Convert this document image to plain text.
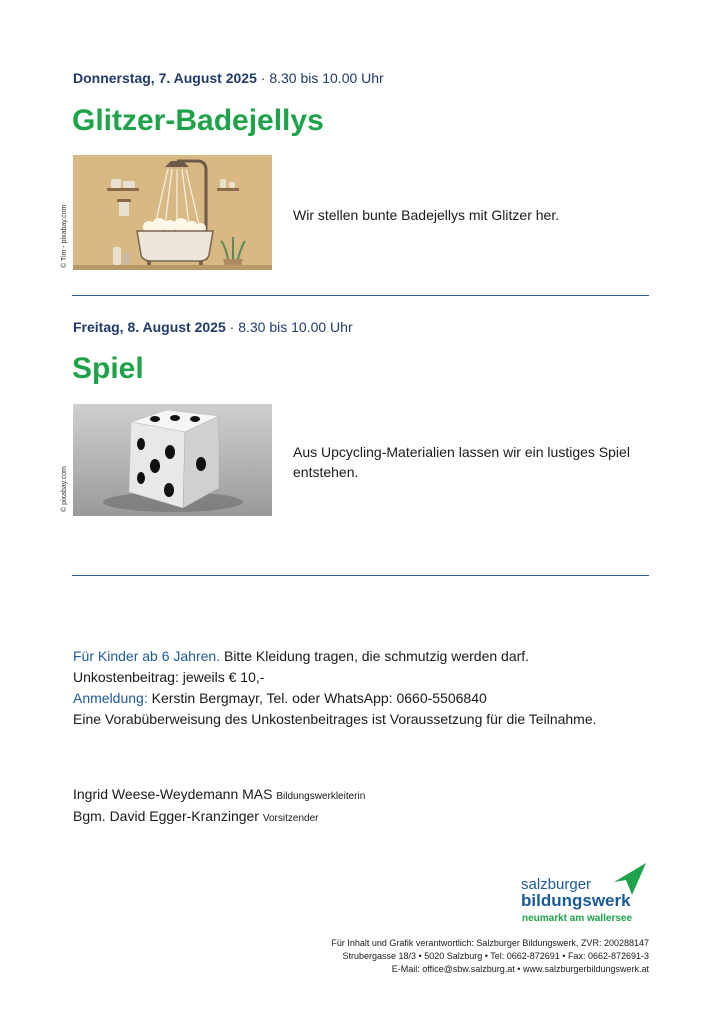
Donnerstag, 7. August 2025 · 8.30 bis 10.00 Uhr
Glitzer-Badejellys
© Tim - pixabay.com	Wir stellen bunte Badejellys mit Glitzer her.
Freitag, 8. August 2025 · 8.30 bis 10.00 Uhr
Spiel
© pixabay.com
Aus Upcycling-Materialien lassen wir ein lustiges Spiel entstehen.
Für Kinder ab 6 Jahren. Bitte Kleidung tragen, die schmutzig werden darf.
Unkostenbeitrag: jeweils € 10,-
Anmeldung: Kerstin Bergmayr, Tel. oder WhatsApp: 0660-5506840
Eine Vorabüberweisung des Unkostenbeitrages ist Voraussetzung für die Teilnahme.
Ingrid Weese-Weydemann MAS Bildungswerkleiterin
Bgm. David Egger-Kranzinger Vorsitzender
salzburger
bildungswerk
neumarkt am wallersee
Für Inhalt und Grafik verantwortlich: Salzburger Bildungswerk, ZVR: 200288147
Strubergasse 18/3 • 5020 Salzburg • Tel: 0662-872691 • Fax: 0662-872691-3
E-Mail: office@sbw.salzburg.at • www.salzburgerbildungswerk.at
